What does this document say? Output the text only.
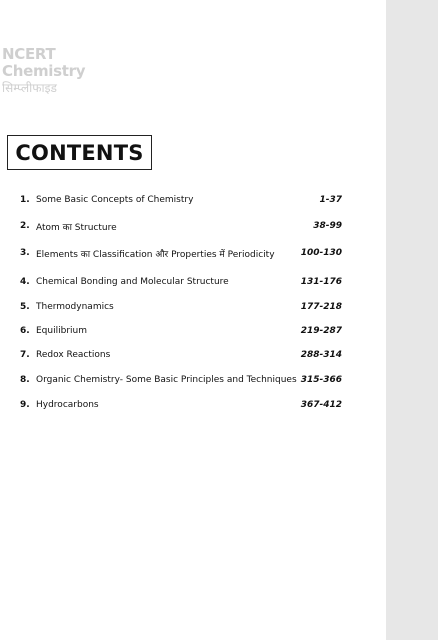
NCERT
Chemistry
सिम्प्लीफाइड
CONTENTS
1. Some Basic Concepts of Chemistry	1-37
2. Atom का Structure	38-99
3. Elements का Classification और Properties में Periodicity	100-130
4. Chemical Bonding and Molecular Structure	131-176
5. Thermodynamics	177-218
6. Equilibrium	219-287
7. Redox Reactions	288-314
8. Organic Chemistry- Some Basic Principles and Techniques 315-366
9. Hydrocarbons	367-412
